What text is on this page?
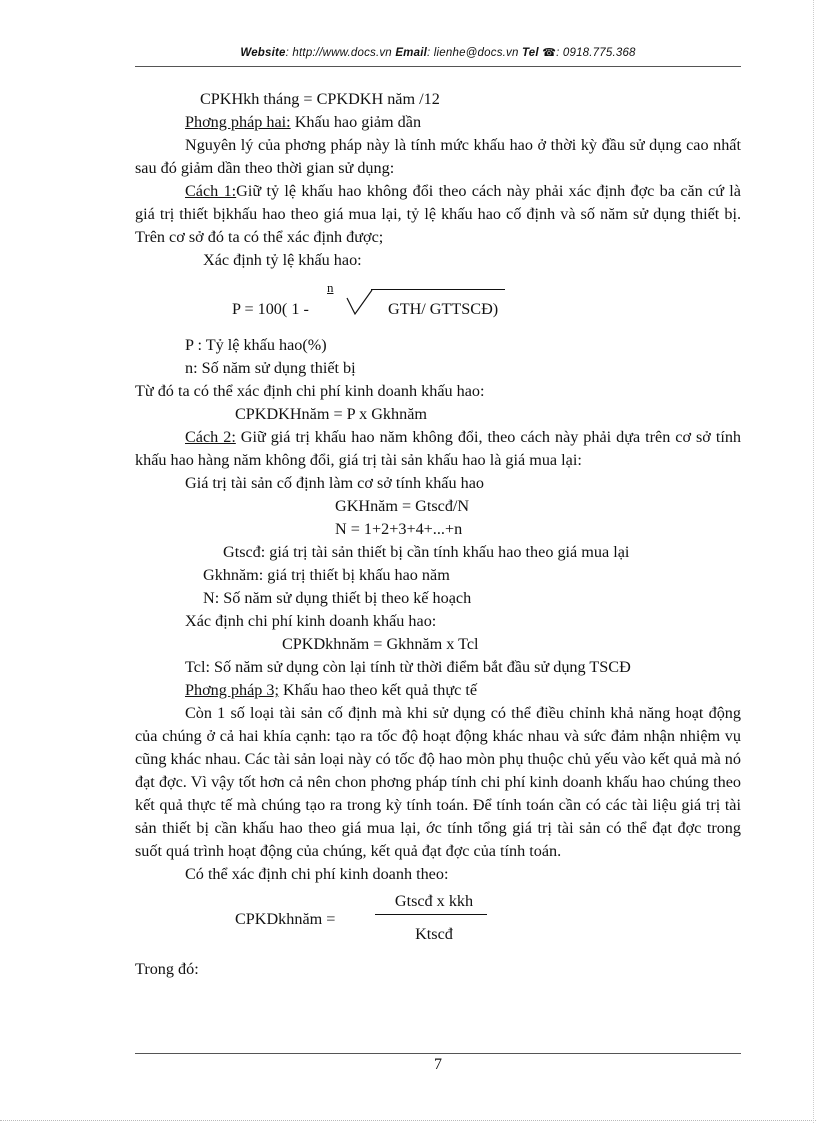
Website: http://www.docs.vn Email: lienhe@docs.vn Tel ☎: 0918.775.368

CPKHkh tháng = CPKDKH năm /12

Phơng pháp hai: Khấu hao giảm dần

Nguyên lý của phơng pháp này là tính mức khấu hao ở thời kỳ đầu sử dụng cao nhất sau đó giảm dần theo thời gian sử dụng:

Cách 1:Giữ tỷ lệ khấu hao không đổi theo cách này phải xác định đợc ba căn cứ là giá trị thiết bịkhấu hao theo giá mua lại, tỷ lệ khấu hao cố định và số năm sử dụng thiết bị. Trên cơ sở đó ta có thể xác định được;

Xác định tỷ lệ khấu hao:

P = 100( 1 -
n
GTH/ GTTSCĐ)

P : Tỷ lệ khấu hao(%)

n: Số năm sử dụng thiết bị

Từ đó ta có thể xác định chi phí kinh doanh khấu hao:

CPKDKHnăm = P x Gkhnăm

Cách 2: Giữ giá trị khấu hao năm không đổi, theo cách này phải dựa trên cơ sở tính khấu hao hàng năm không đổi, giá trị tài sản khấu hao là giá mua lại:

Giá trị tài sản cố định làm cơ sở tính khấu hao

GKHnăm = Gtscđ/N

N = 1+2+3+4+...+n

Gtscđ: giá trị tài sản thiết bị cần tính khấu hao theo giá mua lại

Gkhnăm: giá trị thiết bị khấu hao năm

N: Số năm sử dụng thiết bị theo kế hoạch

Xác định chi phí kinh doanh khấu hao:

CPKDkhnăm = Gkhnăm x Tcl

Tcl: Số năm sử dụng còn lại tính từ thời điểm bắt đầu sử dụng TSCĐ

Phơng pháp 3; Khấu hao theo kết quả thực tế

Còn 1 số loại tài sản cố định mà khi sử dụng có thể điều chỉnh khả năng hoạt động của chúng ở cả hai khía cạnh: tạo ra tốc độ hoạt động khác nhau và sức đảm nhận nhiệm vụ cũng khác nhau. Các tài sản loại này có tốc độ hao mòn phụ thuộc chủ yếu vào kết quả mà nó đạt đợc. Vì vậy tốt hơn cả nên chon phơng pháp tính chi phí kinh doanh khấu hao chúng theo kết quả thực tế mà chúng tạo ra trong kỳ tính toán. Để tính toán cần có các tài liệu giá trị tài sản thiết bị cần khấu hao theo giá mua lại, ớc tính tổng giá trị tài sản có thể đạt đợc trong suốt quá trình hoạt động của chúng, kết quả đạt đợc của tính toán.

Có thể xác định chi phí kinh doanh theo:

CPKDkhnăm =
Gtscđ x kkh
Ktscđ

Trong đó:

7
